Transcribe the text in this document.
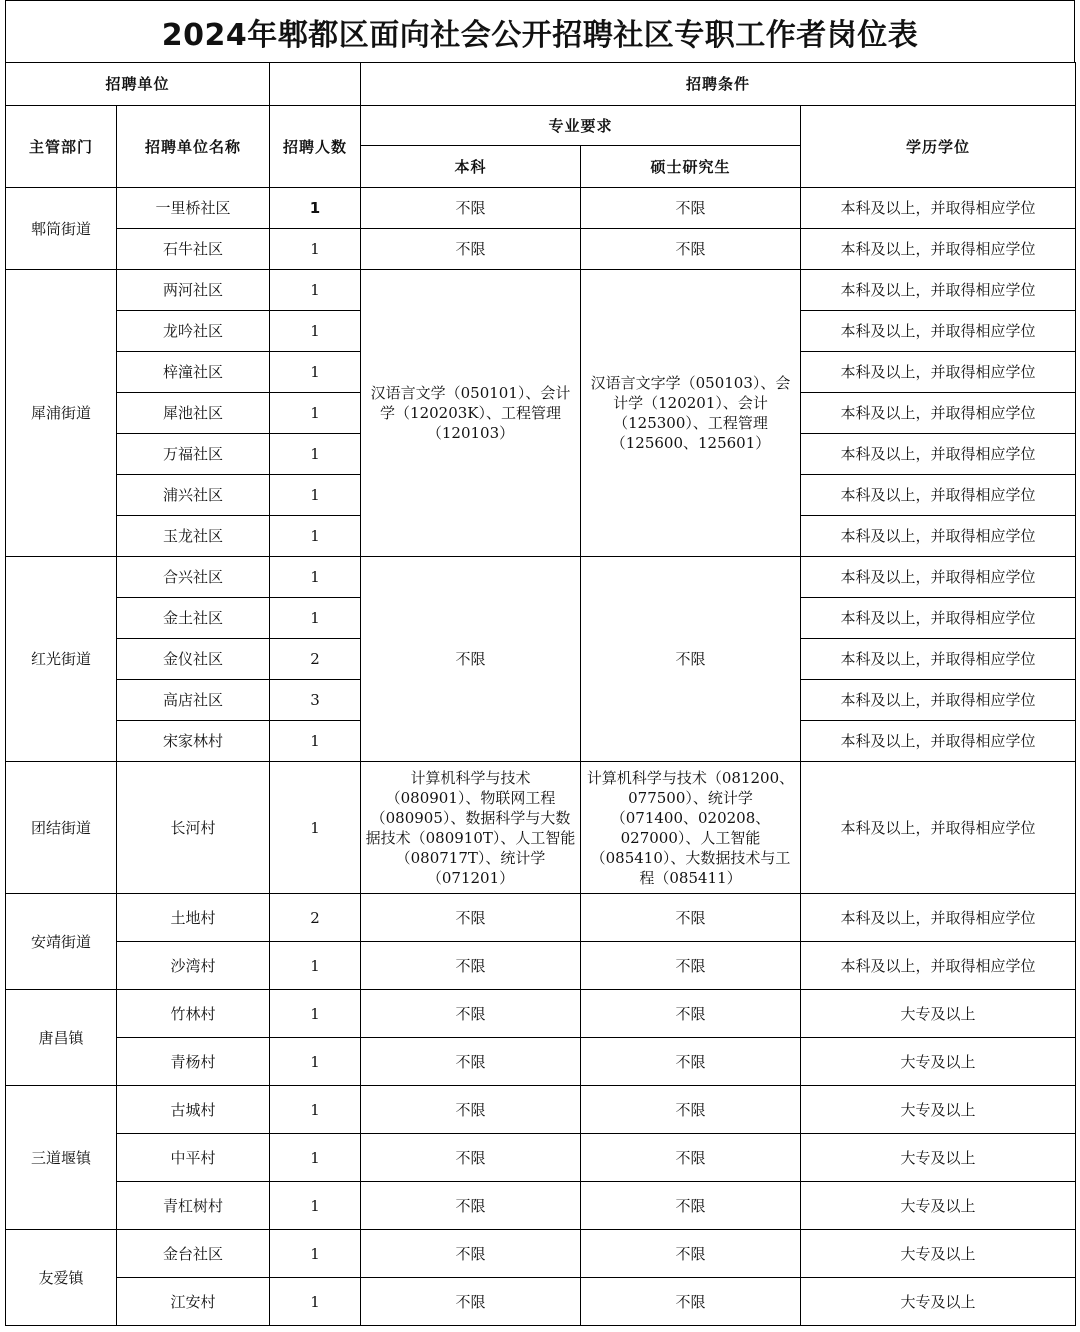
2024年郫都区面向社会公开招聘社区专职工作者岗位表
招聘单位			招聘条件		
主管部门	招聘单位名称	招聘人数	专业要求		学历学位
			本科	硕士研究生	
郫筒街道	一里桥社区	1	不限	不限	本科及以上，并取得相应学位
	石牛社区	1	不限	不限	本科及以上，并取得相应学位
犀浦街道	两河社区	1	汉语言文学（050101）、会计学（120203K）、工程管理（120103）	汉语言文字学（050103）、会计学（120201）、会计（125300）、工程管理（125600、125601）	本科及以上，并取得相应学位
	龙吟社区	1			本科及以上，并取得相应学位
	梓潼社区	1			本科及以上，并取得相应学位
	犀池社区	1			本科及以上，并取得相应学位
	万福社区	1			本科及以上，并取得相应学位
	浦兴社区	1			本科及以上，并取得相应学位
	玉龙社区	1			本科及以上，并取得相应学位
红光街道	合兴社区	1	不限	不限	本科及以上，并取得相应学位
	金土社区	1			本科及以上，并取得相应学位
	金仪社区	2			本科及以上，并取得相应学位
	高店社区	3			本科及以上，并取得相应学位
	宋家林村	1			本科及以上，并取得相应学位
团结街道	长河村	1	计算机科学与技术（080901）、物联网工程（080905）、数据科学与大数据技术（080910T）、人工智能（080717T）、统计学（071201）	计算机科学与技术（081200、077500）、统计学（071400、020208、027000）、人工智能（085410）、大数据技术与工程（085411）	本科及以上，并取得相应学位
安靖街道	土地村	2	不限	不限	本科及以上，并取得相应学位
	沙湾村	1	不限	不限	本科及以上，并取得相应学位
唐昌镇	竹林村	1	不限	不限	大专及以上
	青杨村	1	不限	不限	大专及以上
三道堰镇	古城村	1	不限	不限	大专及以上
	中平村	1	不限	不限	大专及以上
	青杠树村	1	不限	不限	大专及以上
友爱镇	金台社区	1	不限	不限	大专及以上
	江安村	1	不限	不限	大专及以上
